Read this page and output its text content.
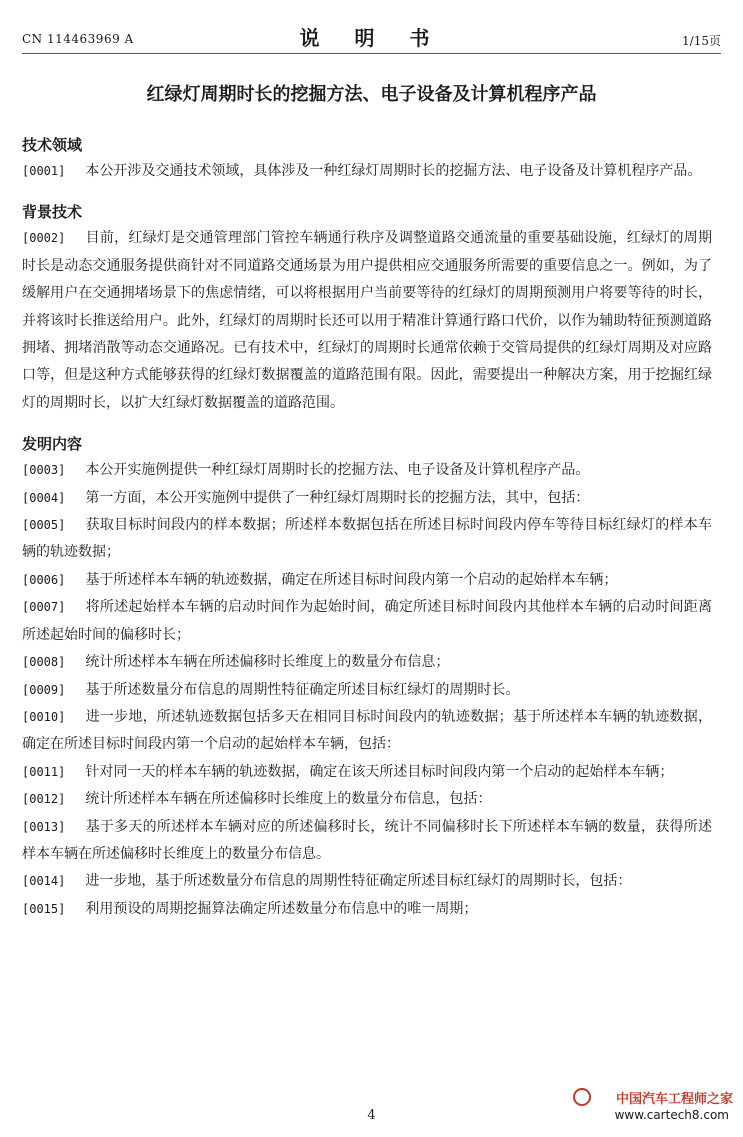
CN 114463969 A	说 明 书	1/15页
红绿灯周期时长的挖掘方法、电子设备及计算机程序产品

技术领域

[0001] 本公开涉及交通技术领域，具体涉及一种红绿灯周期时长的挖掘方法、电子设备及计算机程序产品。

背景技术

[0002] 目前，红绿灯是交通管理部门管控车辆通行秩序及调整道路交通流量的重要基础设施，红绿灯的周期时长是动态交通服务提供商针对不同道路交通场景为用户提供相应交通服务所需要的重要信息之一。例如，为了缓解用户在交通拥堵场景下的焦虑情绪，可以将根据用户当前要等待的红绿灯的周期预测用户将要等待的时长，并将该时长推送给用户。此外，红绿灯的周期时长还可以用于精准计算通行路口代价，以作为辅助特征预测道路拥堵、拥堵消散等动态交通路况。已有技术中，红绿灯的周期时长通常依赖于交管局提供的红绿灯周期及对应路口等，但是这种方式能够获得的红绿灯数据覆盖的道路范围有限。因此，需要提出一种解决方案，用于挖掘红绿灯的周期时长，以扩大红绿灯数据覆盖的道路范围。

发明内容

[0003] 本公开实施例提供一种红绿灯周期时长的挖掘方法、电子设备及计算机程序产品。

[0004] 第一方面，本公开实施例中提供了一种红绿灯周期时长的挖掘方法，其中，包括：

[0005] 获取目标时间段内的样本数据；所述样本数据包括在所述目标时间段内停车等待目标红绿灯的样本车辆的轨迹数据；

[0006] 基于所述样本车辆的轨迹数据，确定在所述目标时间段内第一个启动的起始样本车辆；

[0007] 将所述起始样本车辆的启动时间作为起始时间，确定所述目标时间段内其他样本车辆的启动时间距离所述起始时间的偏移时长；

[0008] 统计所述样本车辆在所述偏移时长维度上的数量分布信息；

[0009] 基于所述数量分布信息的周期性特征确定所述目标红绿灯的周期时长。

[0010] 进一步地，所述轨迹数据包括多天在相同目标时间段内的轨迹数据；基于所述样本车辆的轨迹数据，确定在所述目标时间段内第一个启动的起始样本车辆，包括：

[0011] 针对同一天的样本车辆的轨迹数据，确定在该天所述目标时间段内第一个启动的起始样本车辆；

[0012] 统计所述样本车辆在所述偏移时长维度上的数量分布信息，包括：

[0013] 基于多天的所述样本车辆对应的所述偏移时长，统计不同偏移时长下所述样本车辆的数量，获得所述样本车辆在所述偏移时长维度上的数量分布信息。

[0014] 进一步地，基于所述数量分布信息的周期性特征确定所述目标红绿灯的周期时长，包括：

[0015] 利用预设的周期挖掘算法确定所述数量分布信息中的唯一周期；

4
中国汽车工程师之家
www.cartech8.com
